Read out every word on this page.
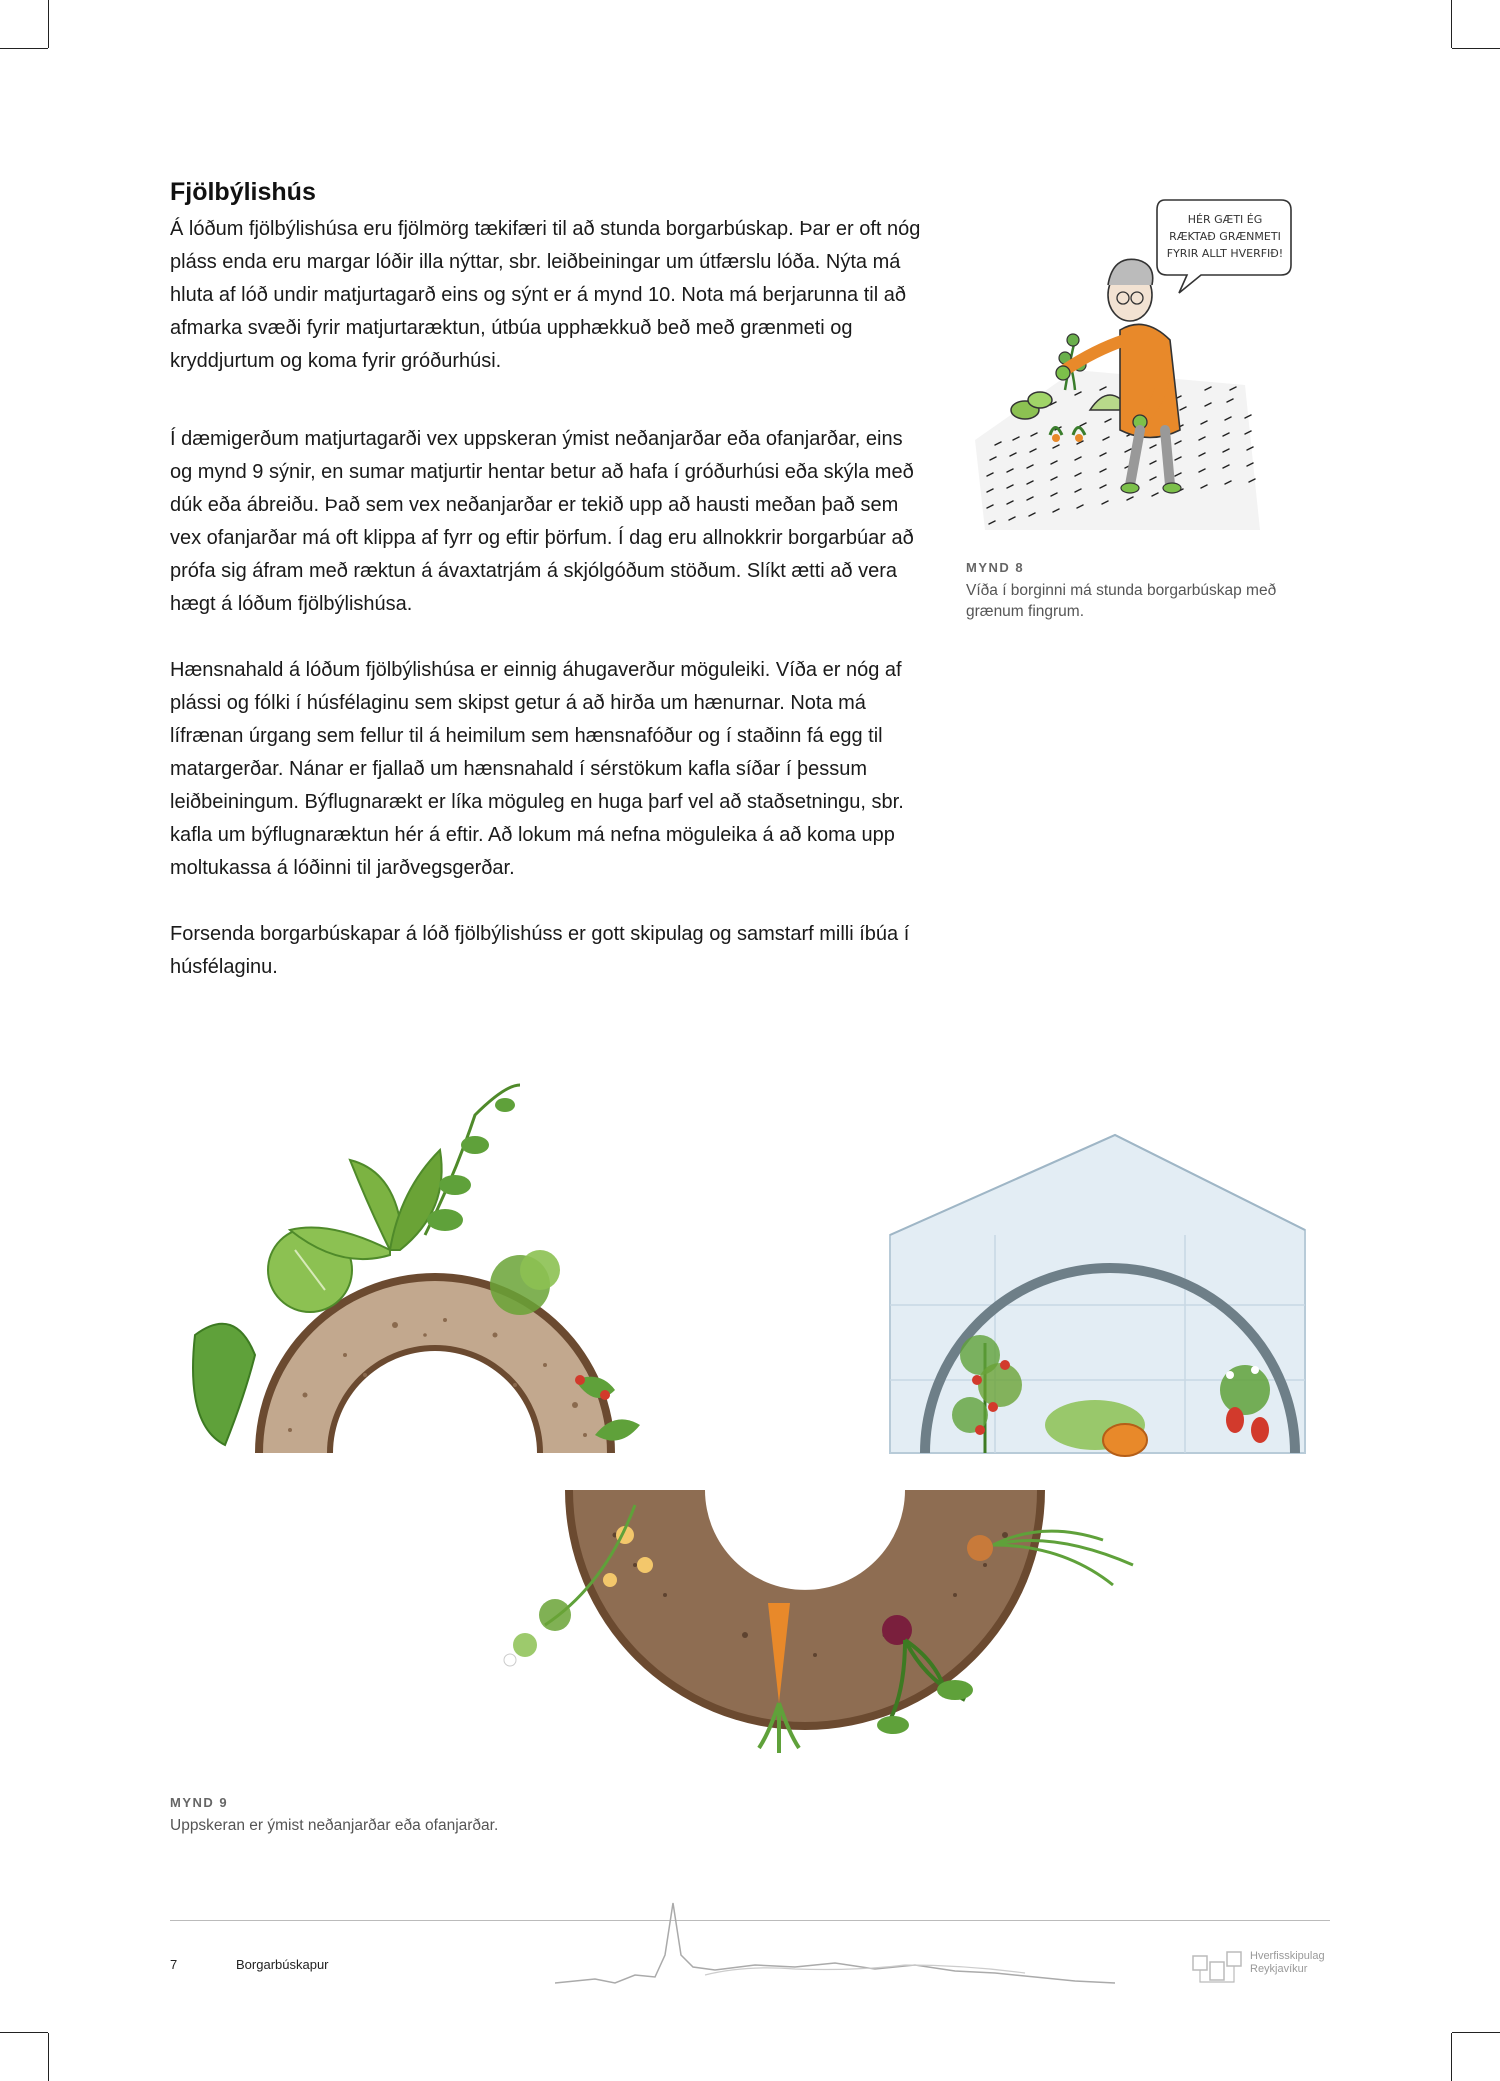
Fjölbýlishús

Á lóðum fjölbýlishúsa eru fjölmörg tækifæri til að stunda borgarbúskap. Þar er oft nóg pláss enda eru margar lóðir illa nýttar, sbr. leiðbeiningar um útfærslu lóða. Nýta má hluta af lóð undir matjurtagarð eins og sýnt er á mynd 10. Nota má berjarunna til að afmarka svæði fyrir matjurtaræktun, útbúa upphækkuð beð með grænmeti og kryddjurtum og koma fyrir gróðurhúsi.

Í dæmigerðum matjurtagarði vex uppskeran ýmist neðanjarðar eða ofanjarðar, eins og mynd 9 sýnir, en sumar matjurtir hentar betur að hafa í gróðurhúsi eða skýla með dúk eða ábreiðu. Það sem vex neðanjarðar er tekið upp að hausti meðan það sem vex ofanjarðar má oft klippa af fyrr og eftir þörfum. Í dag eru allnokkrir borgarbúar að prófa sig áfram með ræktun á ávaxtatrjám á skjólgóðum stöðum. Slíkt ætti að vera hægt á lóðum fjölbýlishúsa.

Hænsnahald á lóðum fjölbýlishúsa er einnig áhugaverður möguleiki. Víða er nóg af plássi og fólki í húsfélaginu sem skipst getur á að hirða um hænurnar. Nota má lífrænan úrgang sem fellur til á heimilum sem hænsnafóður og í staðinn fá egg til matargerðar. Nánar er fjallað um hænsnahald í sérstökum kafla síðar í þessum leiðbeiningum. Býflugnarækt er líka möguleg en huga þarf vel að staðsetningu, sbr. kafla um býflugnaræktun hér á eftir. Að lokum má nefna möguleika á að koma upp moltukassa á lóðinni til jarðvegsgerðar.

Forsenda borgarbúskapar á lóð fjölbýlishúss er gott skipulag og samstarf milli íbúa í húsfélaginu.

HÉR GÆTI ÉG
RÆKTAÐ GRÆNMETI
FYRIR ALLT HVERFIÐ!
MYND 8
Víða í borginni má stunda borgarbúskap með
grænum fingrum.
MYND 9
Uppskeran er ýmist neðanjarðar eða ofanjarðar.
7	Borgarbúskapur
Hverfisskipulag
Reykjavíkur
